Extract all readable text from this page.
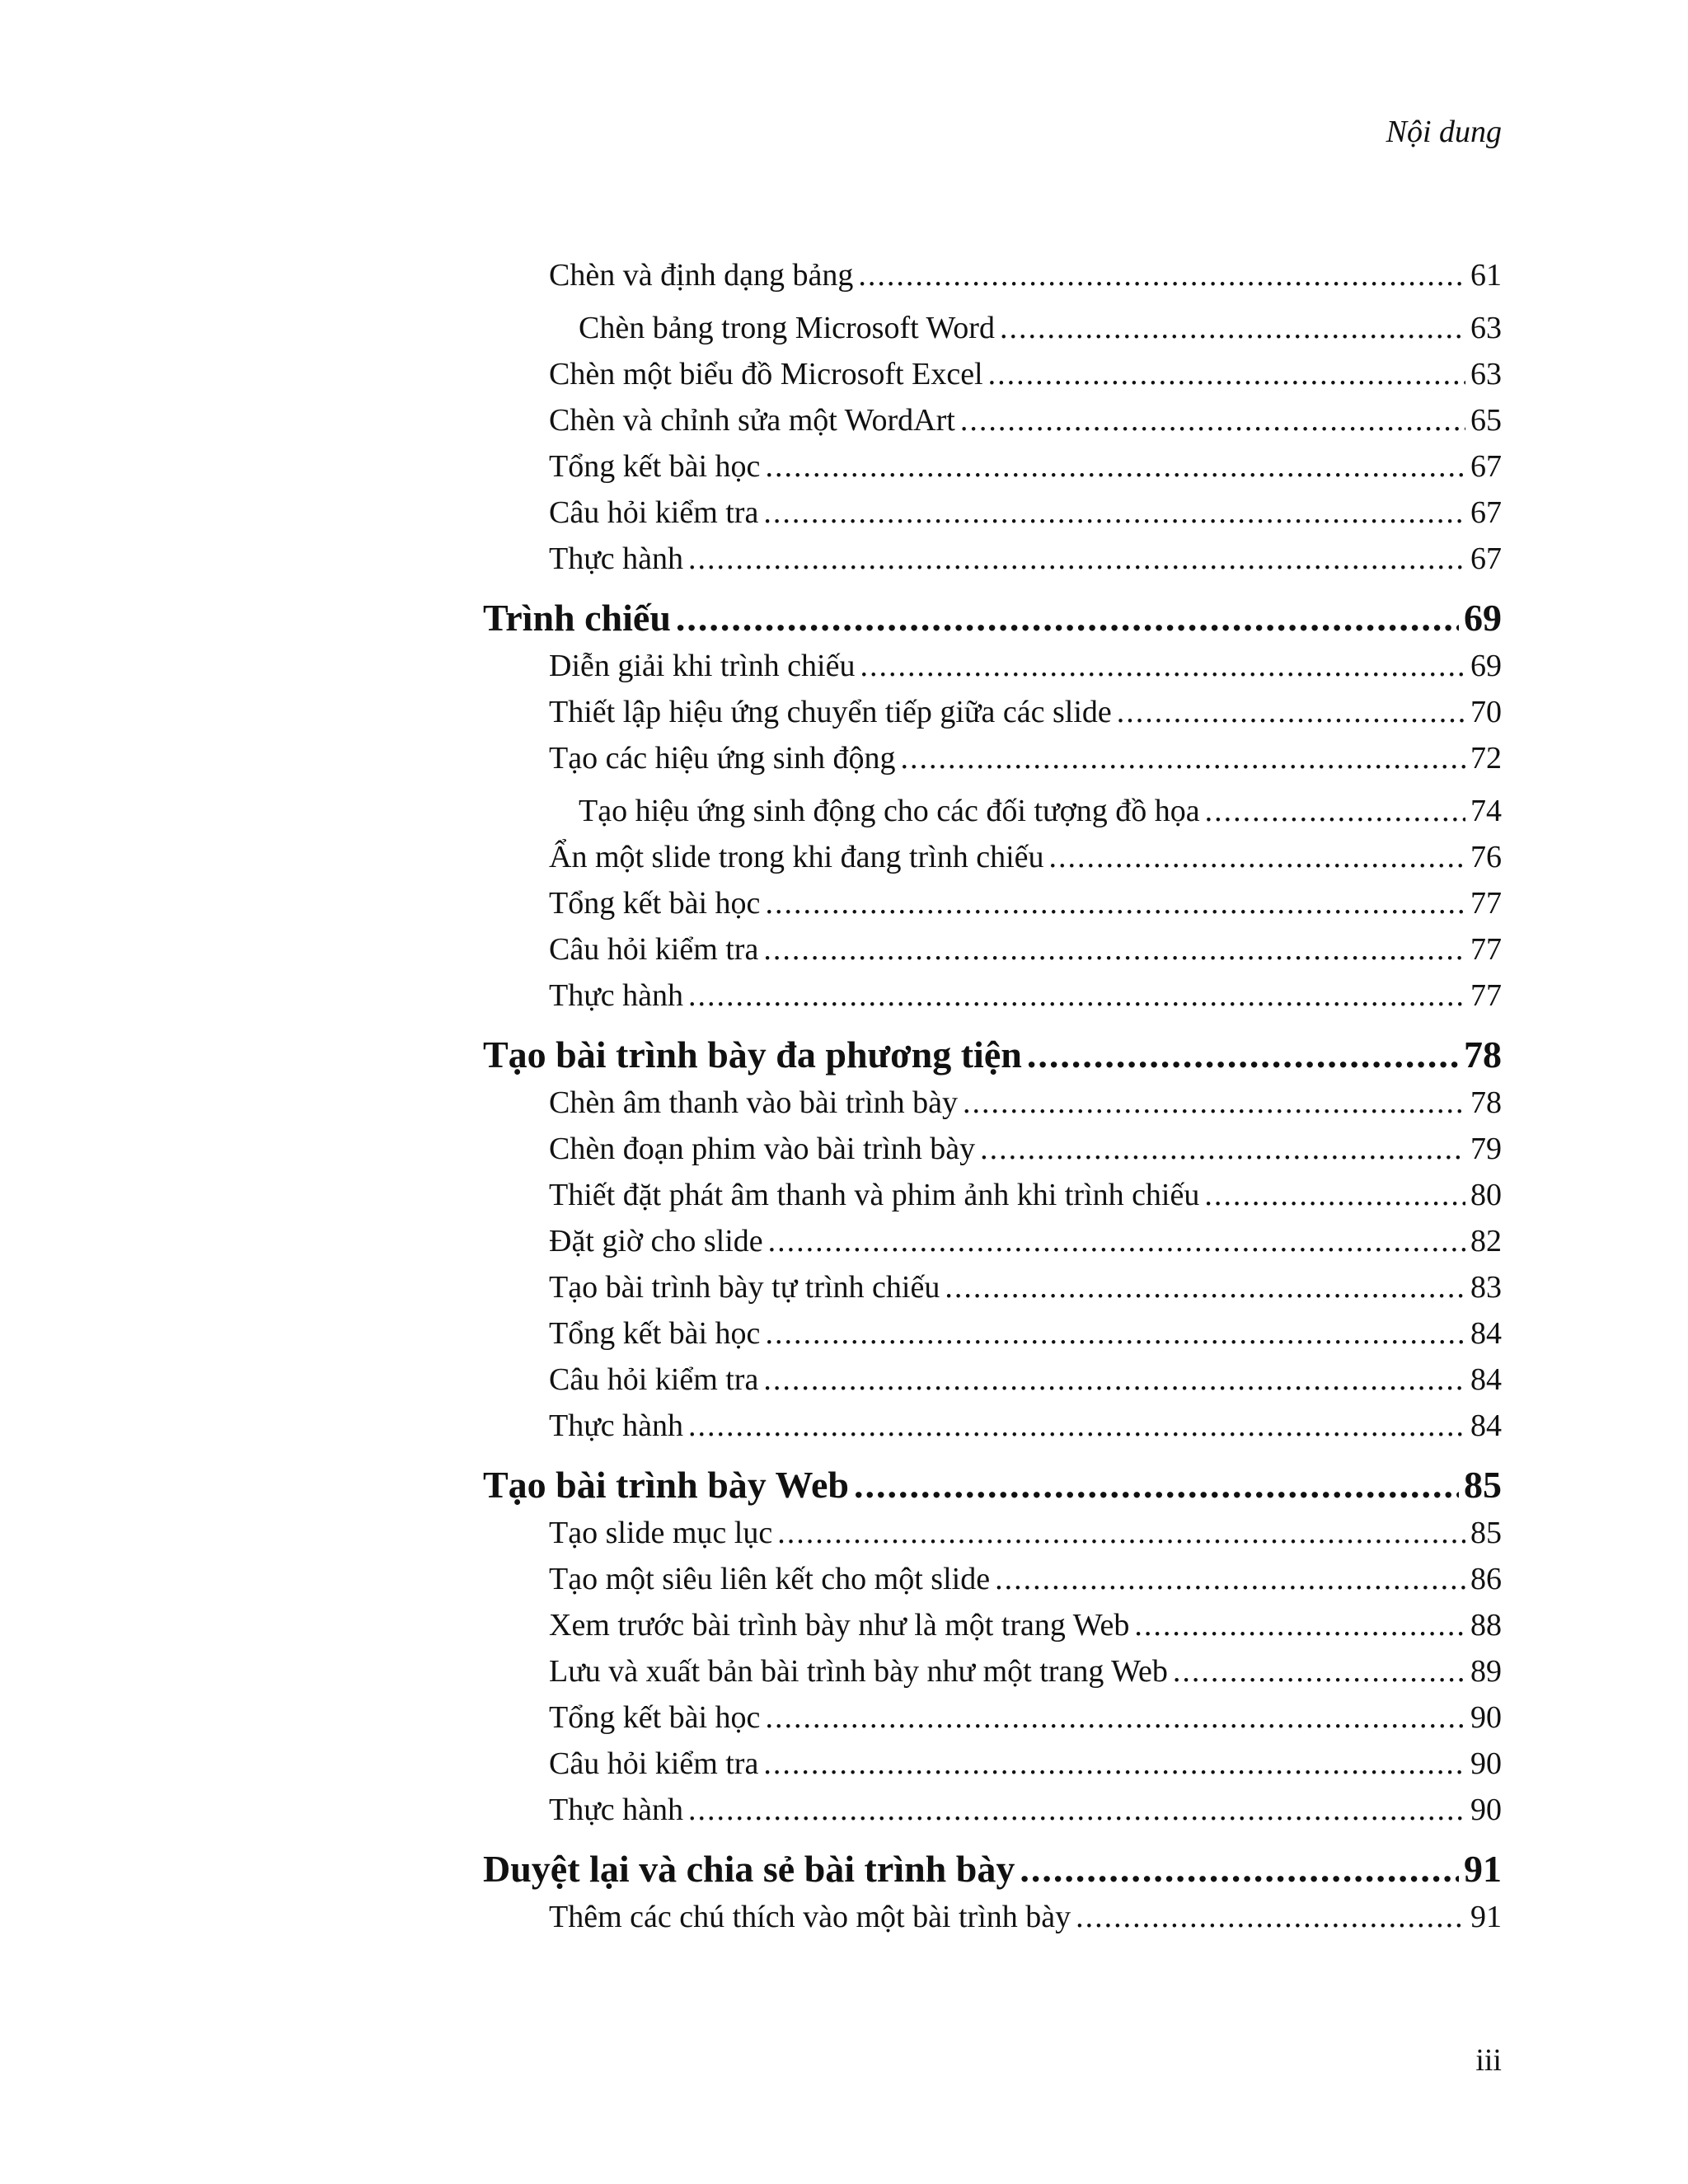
Nội dung
Chèn và định dạng bảng .....	61
Chèn bảng trong Microsoft Word .....	63
Chèn một biểu đồ Microsoft Excel .....	63
Chèn và chỉnh sửa một WordArt .....	65
Tổng kết bài học .....	67
Câu hỏi kiểm tra .....	67
Thực hành .....	67
Trình chiếu .....	69
Diễn giải khi trình chiếu .....	69
Thiết lập hiệu ứng chuyển tiếp giữa các slide .....	70
Tạo các hiệu ứng sinh động .....	72
Tạo hiệu ứng sinh động cho các đối tượng đồ họa .....	74
Ẩn một slide trong khi đang trình chiếu .....	76
Tổng kết bài học .....	77
Câu hỏi kiểm tra .....	77
Thực hành .....	77
Tạo bài trình bày đa phương tiện .....	78
Chèn âm thanh vào bài trình bày .....	78
Chèn đoạn phim vào bài trình bày .....	79
Thiết đặt phát âm thanh và phim ảnh khi trình chiếu .....	80
Đặt giờ cho slide .....	82
Tạo bài trình bày tự trình chiếu .....	83
Tổng kết bài học .....	84
Câu hỏi kiểm tra .....	84
Thực hành .....	84
Tạo bài trình bày Web .....	85
Tạo slide mục lục .....	85
Tạo một siêu liên kết cho một slide .....	86
Xem trước bài trình bày như là một trang Web .....	88
Lưu và xuất bản bài trình bày như một trang Web .....	89
Tổng kết bài học .....	90
Câu hỏi kiểm tra .....	90
Thực hành .....	90
Duyệt lại và chia sẻ bài trình bày .....	91
Thêm các chú thích vào một bài trình bày .....	91
iii
